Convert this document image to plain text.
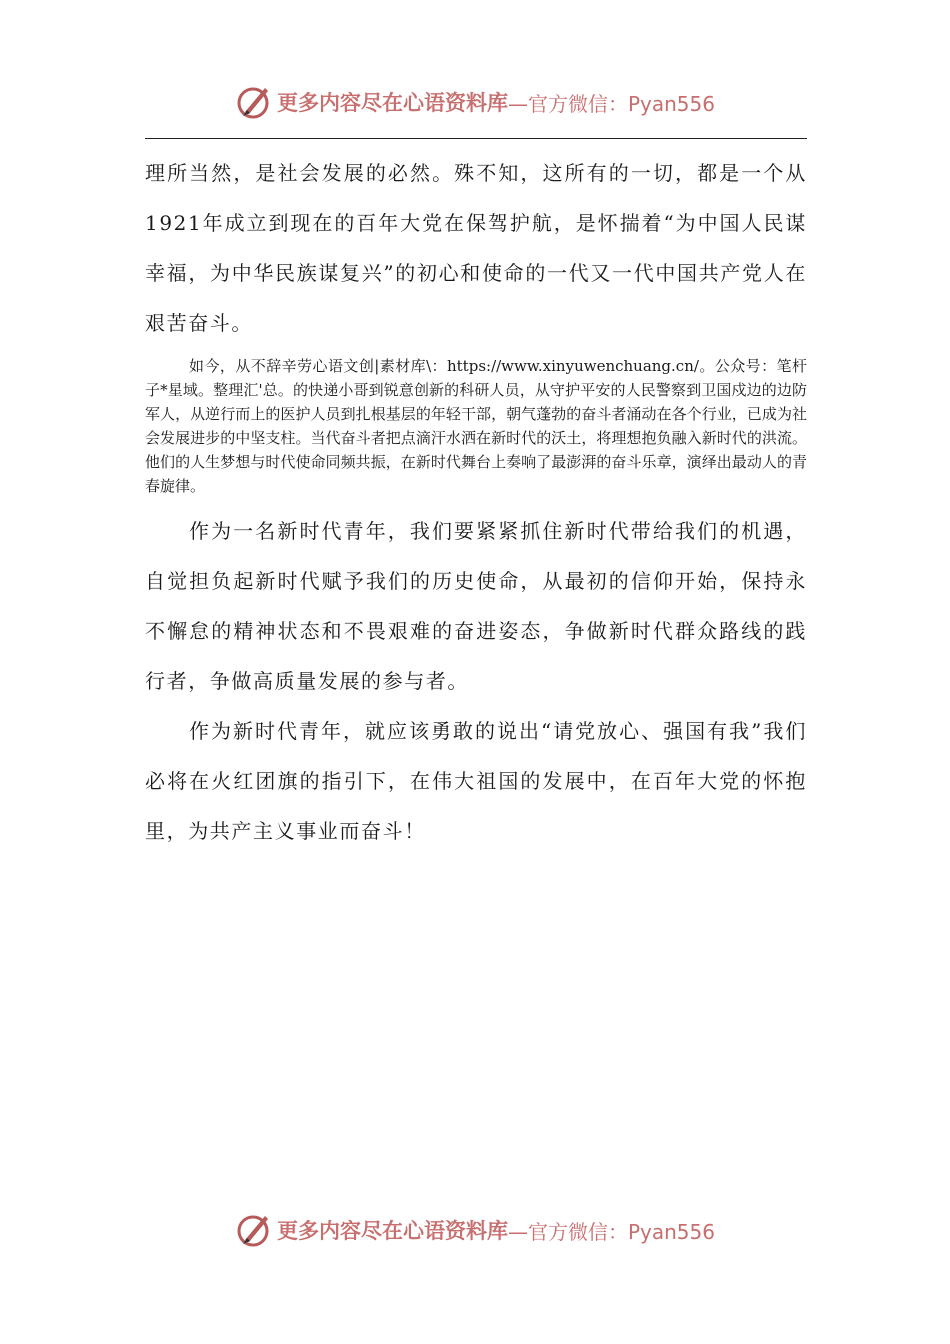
更多内容尽在心语资料库 —官方微信：Pyan556

理所当然，是社会发展的必然。殊不知，这所有的一切，都是一个从1921年成立到现在的百年大党在保驾护航，是怀揣着“为中国人民谋幸福，为中华民族谋复兴”的初心和使命的一代又一代中国共产党人在艰苦奋斗。

如今，从不辞辛劳心语文创|素材库\：https://www.xinyuwenchuang.cn/。公众号：笔杆子*星域。整理汇'总。的快递小哥到锐意创新的科研人员，从守护平安的人民警察到卫国戍边的边防军人，从逆行而上的医护人员到扎根基层的年轻干部，朝气蓬勃的奋斗者涌动在各个行业，已成为社会发展进步的中坚支柱。当代奋斗者把点滴汗水洒在新时代的沃土，将理想抱负融入新时代的洪流。他们的人生梦想与时代使命同频共振，在新时代舞台上奏响了最澎湃的奋斗乐章，演绎出最动人的青春旋律。

作为一名新时代青年，我们要紧紧抓住新时代带给我们的机遇，自觉担负起新时代赋予我们的历史使命，从最初的信仰开始，保持永不懈怠的精神状态和不畏艰难的奋进姿态，争做新时代群众路线的践行者，争做高质量发展的参与者。

作为新时代青年，就应该勇敢的说出“请党放心、强国有我”我们必将在火红团旗的指引下，在伟大祖国的发展中，在百年大党的怀抱里，为共产主义事业而奋斗！

更多内容尽在心语资料库 —官方微信：Pyan556
